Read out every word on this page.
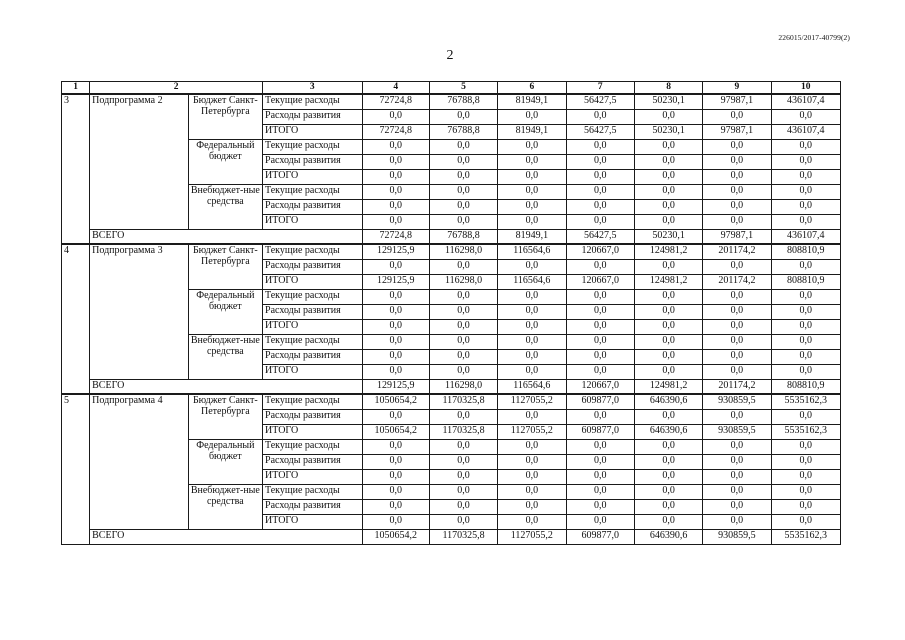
226015/2017-40799(2)
2
1	2		3	4	5	6	7	8	9	10
3	Подпрограмма 2	Бюджет Санкт-Петербурга	Текущие расходы	72724,8	76788,8	81949,1	56427,5	50230,1	97987,1	436107,4
			Расходы развития	0,0	0,0	0,0	0,0	0,0	0,0	0,0
			ИТОГО	72724,8	76788,8	81949,1	56427,5	50230,1	97987,1	436107,4
		Федеральный бюджет	Текущие расходы	0,0	0,0	0,0	0,0	0,0	0,0	0,0
			Расходы развития	0,0	0,0	0,0	0,0	0,0	0,0	0,0
			ИТОГО	0,0	0,0	0,0	0,0	0,0	0,0	0,0
		Внебюджет-ные средства	Текущие расходы	0,0	0,0	0,0	0,0	0,0	0,0	0,0
			Расходы развития	0,0	0,0	0,0	0,0	0,0	0,0	0,0
			ИТОГО	0,0	0,0	0,0	0,0	0,0	0,0	0,0
	ВСЕГО			72724,8	76788,8	81949,1	56427,5	50230,1	97987,1	436107,4
4	Подпрограмма 3	Бюджет Санкт-Петербурга	Текущие расходы	129125,9	116298,0	116564,6	120667,0	124981,2	201174,2	808810,9
			Расходы развития	0,0	0,0	0,0	0,0	0,0	0,0	0,0
			ИТОГО	129125,9	116298,0	116564,6	120667,0	124981,2	201174,2	808810,9
		Федеральный бюджет	Текущие расходы	0,0	0,0	0,0	0,0	0,0	0,0	0,0
			Расходы развития	0,0	0,0	0,0	0,0	0,0	0,0	0,0
			ИТОГО	0,0	0,0	0,0	0,0	0,0	0,0	0,0
		Внебюджет-ные средства	Текущие расходы	0,0	0,0	0,0	0,0	0,0	0,0	0,0
			Расходы развития	0,0	0,0	0,0	0,0	0,0	0,0	0,0
			ИТОГО	0,0	0,0	0,0	0,0	0,0	0,0	0,0
	ВСЕГО			129125,9	116298,0	116564,6	120667,0	124981,2	201174,2	808810,9
5	Подпрограмма 4	Бюджет Санкт-Петербурга	Текущие расходы	1050654,2	1170325,8	1127055,2	609877,0	646390,6	930859,5	5535162,3
			Расходы развития	0,0	0,0	0,0	0,0	0,0	0,0	0,0
			ИТОГО	1050654,2	1170325,8	1127055,2	609877,0	646390,6	930859,5	5535162,3
		Федеральный бюджет	Текущие расходы	0,0	0,0	0,0	0,0	0,0	0,0	0,0
			Расходы развития	0,0	0,0	0,0	0,0	0,0	0,0	0,0
			ИТОГО	0,0	0,0	0,0	0,0	0,0	0,0	0,0
		Внебюджет-ные средства	Текущие расходы	0,0	0,0	0,0	0,0	0,0	0,0	0,0
			Расходы развития	0,0	0,0	0,0	0,0	0,0	0,0	0,0
			ИТОГО	0,0	0,0	0,0	0,0	0,0	0,0	0,0
	ВСЕГО			1050654,2	1170325,8	1127055,2	609877,0	646390,6	930859,5	5535162,3
